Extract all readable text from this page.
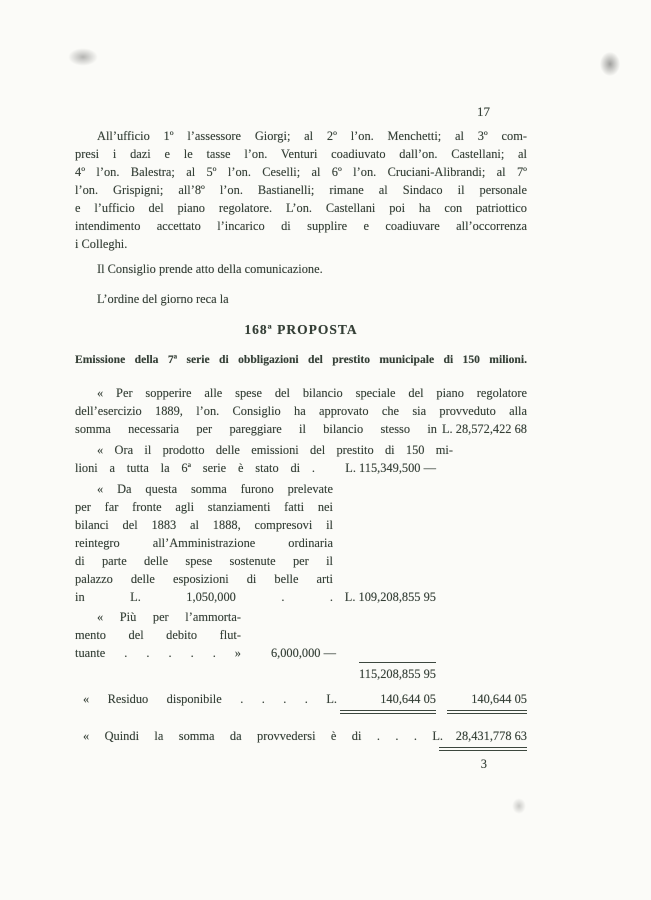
17
All’ufficio 1º l’assessore Giorgi; al 2º l’on. Menchetti; al 3º com-
presi i dazi e le tasse l’on. Venturi coadiuvato dall’on. Castellani; al
4º l’on. Balestra; al 5º l’on. Ceselli; al 6º l’on. Cruciani-Alibrandi; al 7º
l’on. Grispigni; all’8º l’on. Bastianelli; rimane al Sindaco il personale
e l’ufficio del piano regolatore. L’on. Castellani poi ha con patriottico
intendimento accettato l’incarico di supplire e coadiuvare all’occorrenza
i Colleghi.
Il Consiglio prende atto della comunicazione.
L’ordine del giorno reca la
168ª PROPOSTA
Emissione della 7ª serie di obbligazioni del prestito municipale di 150 milioni.
« Per sopperire alle spese del bilancio speciale del piano regolatore
dell’esercizio 1889, l’on. Consiglio ha approvato che sia provveduto alla
somma necessaria per pareggiare il bilancio stesso in L. 28,572,422 68
« Ora il prodotto delle emissioni del prestito di 150 mi-
lioni a tutta la 6ª serie è stato di . L. 115,349,500 —
« Da questa somma furono prelevate
per far fronte agli stanziamenti fatti nei
bilanci del 1883 al 1888, compresovi il
reintegro all’Amministrazione ordinaria
di parte delle spese sostenute per il
palazzo delle esposizioni di belle arti
in L. 1,050,000 . . L. 109,208,855 95
« Più per l’ammorta-
mento del debito flut-
tuante . . . . . » 6,000,000 —
115,208,855 95
« Residuo disponibile . . . . L.	140,644 05	140,644 05
« Quindi la somma da provvedersi è di . . . L. 28,431,778 63
3
